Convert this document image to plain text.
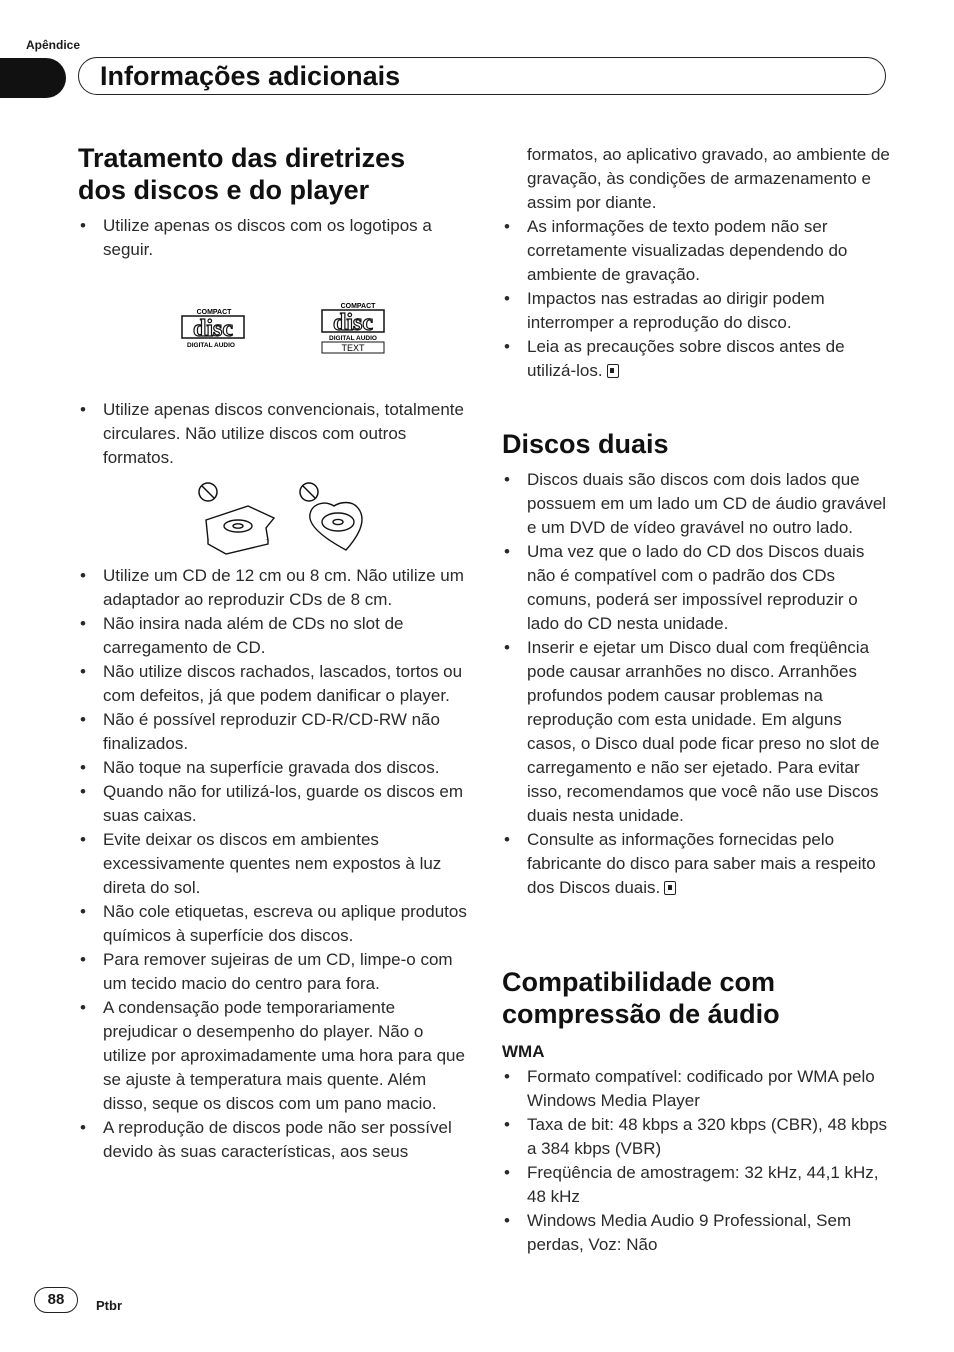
Apêndice

Informações adicionais
Tratamento das diretrizes dos discos e do player
• Utilize apenas os discos com os logotipos a seguir.
COMPACT
disc
DIGITAL AUDIO
COMPACT
disc
DIGITAL AUDIO
TEXT
• Utilize apenas discos convencionais, totalmente circulares. Não utilize discos com outros formatos.
• Utilize um CD de 12 cm ou 8 cm. Não utilize um adaptador ao reproduzir CDs de 8 cm.
• Não insira nada além de CDs no slot de carregamento de CD.
• Não utilize discos rachados, lascados, tortos ou com defeitos, já que podem danificar o player.
• Não é possível reproduzir CD-R/CD-RW não finalizados.
• Não toque na superfície gravada dos discos.
• Quando não for utilizá-los, guarde os discos em suas caixas.
• Evite deixar os discos em ambientes excessivamente quentes nem expostos à luz direta do sol.
• Não cole etiquetas, escreva ou aplique produtos químicos à superfície dos discos.
• Para remover sujeiras de um CD, limpe-o com um tecido macio do centro para fora.
• A condensação pode temporariamente prejudicar o desempenho do player. Não o utilize por aproximadamente uma hora para que se ajuste à temperatura mais quente. Além disso, seque os discos com um pano macio.
• A reprodução de discos pode não ser possível devido às suas características, aos seus

formatos, ao aplicativo gravado, ao ambiente de gravação, às condições de armazenamento e assim por diante.

• As informações de texto podem não ser corretamente visualizadas dependendo do ambiente de gravação.
• Impactos nas estradas ao dirigir podem interromper a reprodução do disco.
• Leia as precauções sobre discos antes de utilizá-los.
Discos duais
• Discos duais são discos com dois lados que possuem em um lado um CD de áudio gravável e um DVD de vídeo gravável no outro lado.
• Uma vez que o lado do CD dos Discos duais não é compatível com o padrão dos CDs comuns, poderá ser impossível reproduzir o lado do CD nesta unidade.
• Inserir e ejetar um Disco dual com freqüência pode causar arranhões no disco. Arranhões profundos podem causar problemas na reprodução com esta unidade. Em alguns casos, o Disco dual pode ficar preso no slot de carregamento e não ser ejetado. Para evitar isso, recomendamos que você não use Discos duais nesta unidade.
• Consulte as informações fornecidas pelo fabricante do disco para saber mais a respeito dos Discos duais.
Compatibilidade com compressão de áudio
WMA
• Formato compatível: codificado por WMA pelo Windows Media Player
• Taxa de bit: 48 kbps a 320 kbps (CBR), 48 kbps a 384 kbps (VBR)
• Freqüência de amostragem: 32 kHz, 44,1 kHz, 48 kHz
• Windows Media Audio 9 Professional, Sem perdas, Voz: Não
88	Ptbr
